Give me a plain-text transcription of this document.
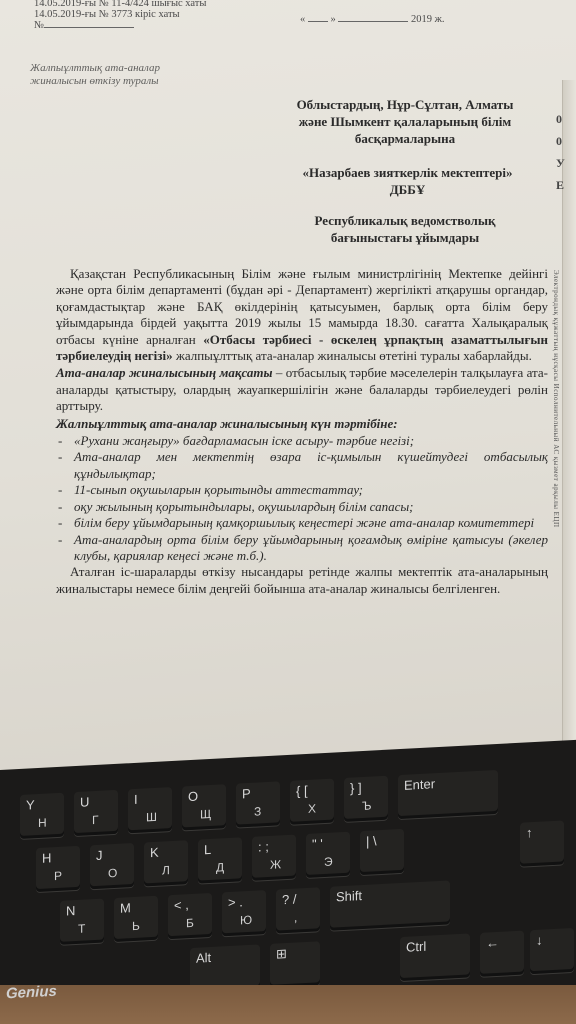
14.05.2019-ғы № 11-4/424 шығыс хаты
14.05.2019-ғы № 3773 кіріс хаты
№
«  »	2019 ж.
Жалпыұлттық ата-аналар
жиналысын өткізу туралы
Облыстардың, Нұр-Сұлтан, Алматы
және Шымкент қалаларының білім
басқармаларына
«Назарбаев зияткерлік мектептері»
ДББҰ
Республикалық ведомстволық
бағыныстағы ұйымдары
0
0
У
Е
Электрондық құжаттың нұсқасы Исполнительный АС қызмет арқылы ЕЦП

Қазақстан Республикасының Білім және ғылым министрлігінің Мектепке дейінгі және орта білім департаменті (бұдан әрі - Департамент) жергілікті атқарушы органдар, қоғамдастықтар және БАҚ өкілдерінің қатысуымен, барлық орта білім беру ұйымдарында бірдей уақытта 2019 жылы 15 мамырда 18.30. сағатта Халықаралық отбасы күніне арналған «Отбасы тәрбиесі - өскелең ұрпақтың азаматтылығын тәрбиелеудің негізі» жалпыұлттық ата-аналар жиналысы өтетіні туралы хабарлайды.

Ата-аналар жиналысының мақсаты – отбасылық тәрбие мәселелерін талқылауға ата-аналарды қатыстыру, олардың жауапкершілігін және балаларды тәрбиелеудегі рөлін арттыру.

Жалпыұлттық ата-аналар жиналысының күн тәртібіне:

- «Рухани жаңғыру» бағдарламасын іске асыру- тәрбие негізі;
- Ата-аналар мен мектептің өзара іс-қимылын күшейтудегі отбасылық құндылықтар;
- 11-сынып оқушыларын қорытынды аттестаттау;
- оқу жылының қорытындылары, оқушылардың білім сапасы;
- білім беру ұйымдарының қамқоршылық кеңестері және ата-аналар комитеттері
- Ата-аналардың орта білім беру ұйымдарының қоғамдық өміріне қатысуы (әкелер клубы, қариялар кеңесі және т.б.).

Аталған іс-шараларды өткізу нысандары ретінде жалпы мектептік ата-аналарының жиналыстары немесе білім деңгейі бойынша ата-аналар жиналысы белгіленген.

Y
Н
U
Г
I
Ш
O
Щ
P
З
{ [
Х
} ]
Ъ
Enter
H
Р
J
О
K
Л
L
Д
: ;
Ж
" '
Э
| \
↑
N
Т
M
Ь
< ,
Б
> .
Ю
? /
,
Shift
Alt	⊞	Ctrl	←	↓
Genius
